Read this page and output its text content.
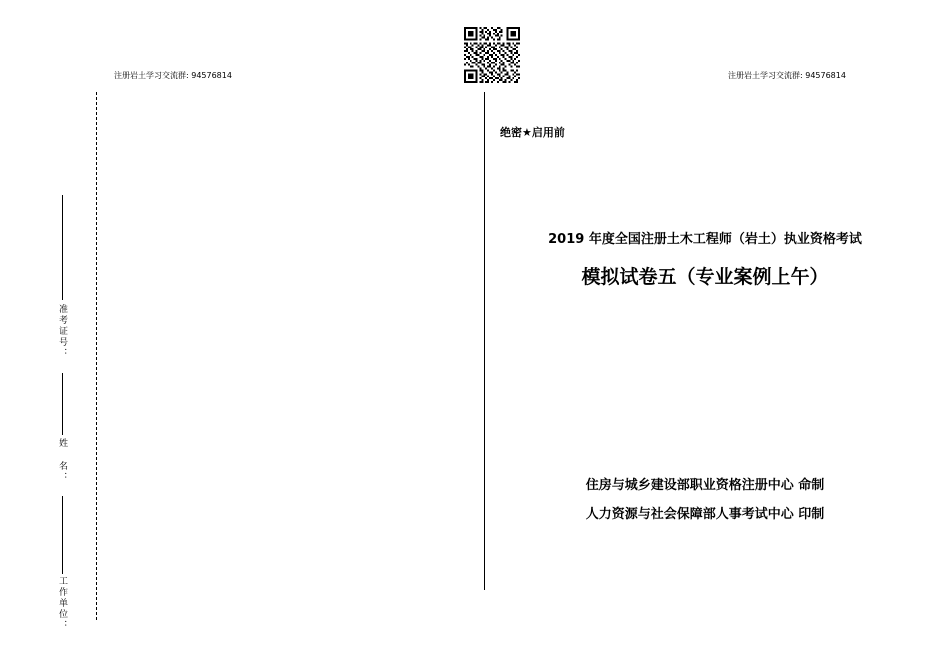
注册岩土学习交流群: 94576814	注册岩土学习交流群: 94576814
准考证号：
姓 名：
工作单位：
绝密★启用前
2019 年度全国注册土木工程师（岩土）执业资格考试
模拟试卷五（专业案例上午）
住房与城乡建设部职业资格注册中心 命制
人力资源与社会保障部人事考试中心 印制
